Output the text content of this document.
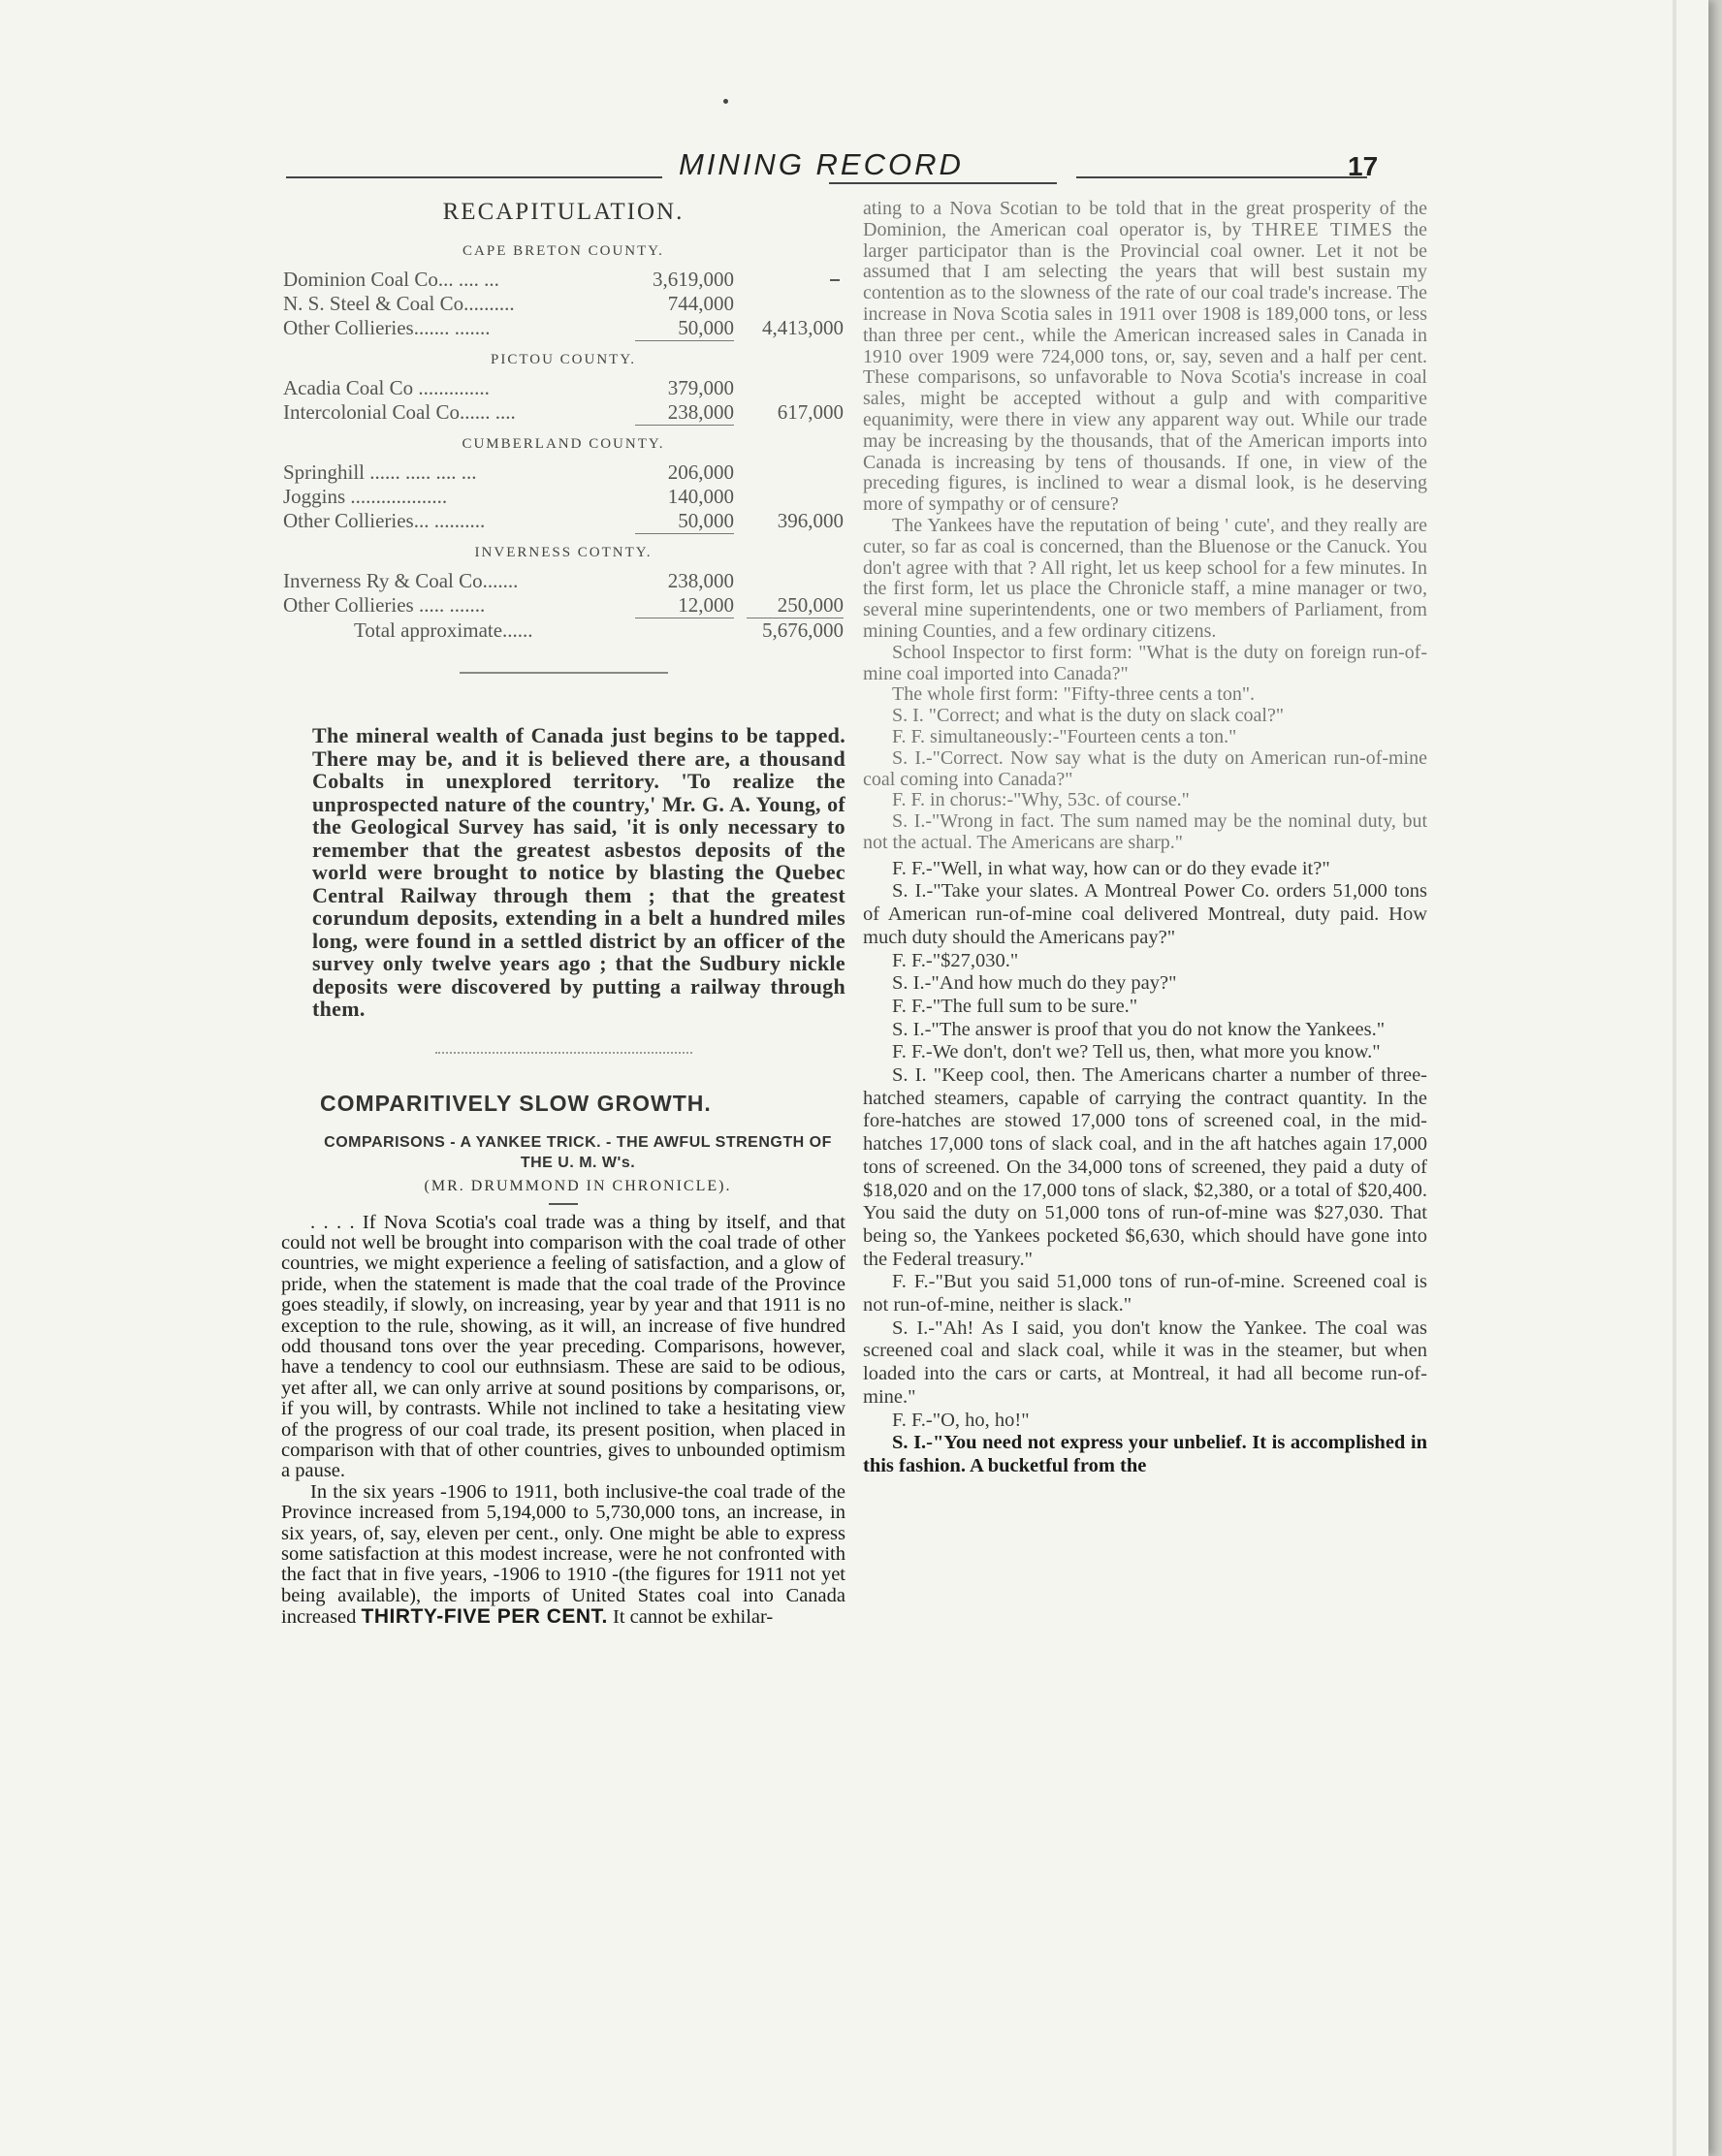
MINING RECORD	17
RECAPITULATION.
CAPE BRETON COUNTY.
Dominion Coal Co... .... ...	3,619,000
N. S. Steel & Coal Co..........	744,000
Other Collieries....... .......	50,000	4,413,000
PICTOU COUNTY.
Acadia Coal Co ..............	379,000
Intercolonial Coal Co...... ....	238,000	617,000
CUMBERLAND COUNTY.
Springhill ...... ..... .... ...	206,000
Joggins ...................	140,000
Other Collieries... ..........	50,000	396,000
INVERNESS COTNTY.
Inverness Ry & Coal Co.......	238,000
Other Collieries ..... .......	12,000	250,000
Total approximate......	5,676,000

The mineral wealth of Canada just begins to be tapped. There may be, and it is believed there are, a thousand Cobalts in unexplored territory. 'To realize the unprospected nature of the country,' Mr. G. A. Young, of the Geological Survey has said, 'it is only necessary to remember that the greatest asbestos deposits of the world were brought to notice by blasting the Quebec Central Railway through them ; that the greatest corundum deposits, extending in a belt a hundred miles long, were found in a settled district by an officer of the survey only twelve years ago ; that the Sudbury nickle deposits were discovered by putting a railway through them.

COMPARITIVELY SLOW GROWTH.
COMPARISONS - A YANKEE TRICK. - THE AWFUL STRENGTH OF THE U. M. W's.
(MR. DRUMMOND IN CHRONICLE).

. . . . If Nova Scotia's coal trade was a thing by itself, and that could not well be brought into comparison with the coal trade of other countries, we might experience a feeling of satisfaction, and a glow of pride, when the statement is made that the coal trade of the Province goes steadily, if slowly, on increasing, year by year and that 1911 is no exception to the rule, showing, as it will, an increase of five hundred odd thousand tons over the year preceding. Comparisons, however, have a tendency to cool our euthnsiasm. These are said to be odious, yet after all, we can only arrive at sound positions by comparisons, or, if you will, by contrasts. While not inclined to take a hesitating view of the progress of our coal trade, its present position, when placed in comparison with that of other countries, gives to unbounded optimism a pause.

In the six years -1906 to 1911, both inclusive-the coal trade of the Province increased from 5,194,000 to 5,730,000 tons, an increase, in six years, of, say, eleven per cent., only. One might be able to express some satisfaction at this modest increase, were he not confronted with the fact that in five years, -1906 to 1910 -(the figures for 1911 not yet being available), the imports of United States coal into Canada increased THIRTY-FIVE PER CENT. It cannot be exhilar-

ating to a Nova Scotian to be told that in the great prosperity of the Dominion, the American coal operator is, by THREE TIMES the larger participator than is the Provincial coal owner. Let it not be assumed that I am selecting the years that will best sustain my contention as to the slowness of the rate of our coal trade's increase. The increase in Nova Scotia sales in 1911 over 1908 is 189,000 tons, or less than three per cent., while the American increased sales in Canada in 1910 over 1909 were 724,000 tons, or, say, seven and a half per cent. These comparisons, so unfavorable to Nova Scotia's increase in coal sales, might be accepted without a gulp and with comparitive equanimity, were there in view any apparent way out. While our trade may be increasing by the thousands, that of the American imports into Canada is increasing by tens of thousands. If one, in view of the preceding figures, is inclined to wear a dismal look, is he deserving more of sympathy or of censure?

The Yankees have the reputation of being ' cute', and they really are cuter, so far as coal is concerned, than the Bluenose or the Canuck. You don't agree with that ? All right, let us keep school for a few minutes. In the first form, let us place the Chronicle staff, a mine manager or two, several mine superintendents, one or two members of Parliament, from mining Counties, and a few ordinary citizens.

School Inspector to first form: "What is the duty on foreign run-of-mine coal imported into Canada?"

The whole first form: "Fifty-three cents a ton".

S. I. "Correct; and what is the duty on slack coal?"

F. F. simultaneously:-"Fourteen cents a ton."

S. I.-"Correct. Now say what is the duty on American run-of-mine coal coming into Canada?"

F. F. in chorus:-"Why, 53c. of course."

S. I.-"Wrong in fact. The sum named may be the nominal duty, but not the actual. The Americans are sharp."

F. F.-"Well, in what way, how can or do they evade it?"

S. I.-"Take your slates. A Montreal Power Co. orders 51,000 tons of American run-of-mine coal delivered Montreal, duty paid. How much duty should the Americans pay?"

F. F.-"$27,030."

S. I.-"And how much do they pay?"

F. F.-"The full sum to be sure."

S. I.-"The answer is proof that you do not know the Yankees."

F. F.-We don't, don't we? Tell us, then, what more you know."

S. I. "Keep cool, then. The Americans charter a number of three-hatched steamers, capable of carrying the contract quantity. In the fore-hatches are stowed 17,000 tons of screened coal, in the mid-hatches 17,000 tons of slack coal, and in the aft hatches again 17,000 tons of screened. On the 34,000 tons of screened, they paid a duty of $18,020 and on the 17,000 tons of slack, $2,380, or a total of $20,400. You said the duty on 51,000 tons of run-of-mine was $27,030. That being so, the Yankees pocketed $6,630, which should have gone into the Federal treasury."

F. F.-"But you said 51,000 tons of run-of-mine. Screened coal is not run-of-mine, neither is slack."

S. I.-"Ah! As I said, you don't know the Yankee. The coal was screened coal and slack coal, while it was in the steamer, but when loaded into the cars or carts, at Montreal, it had all become run-of-mine."

F. F.-"O, ho, ho!"

S. I.-"You need not express your unbelief. It is accomplished in this fashion. A bucketful from the
